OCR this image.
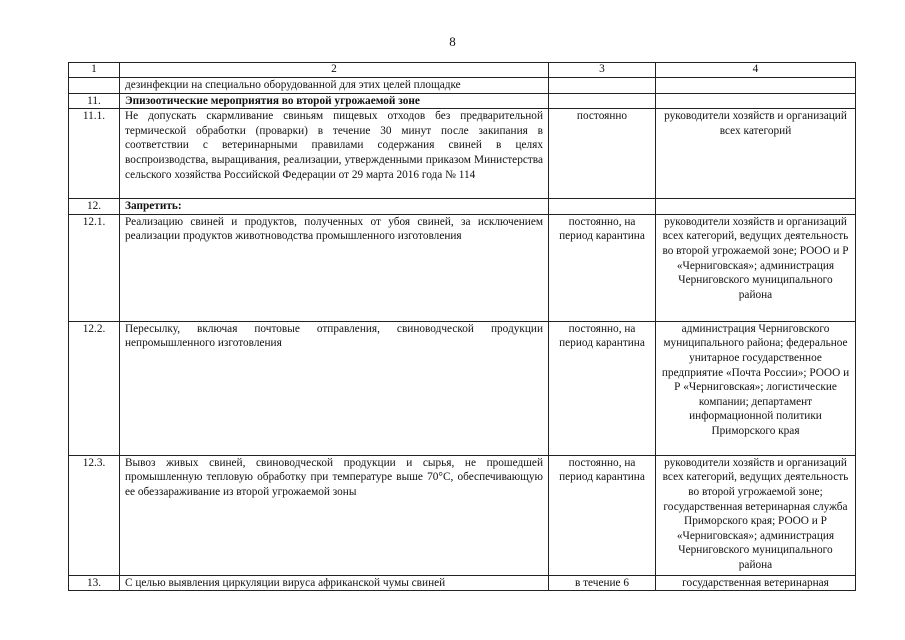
8
1	2	3	4
	дезинфекции на специально оборудованной для этих целей площадке		
11.	Эпизоотические мероприятия во второй угрожаемой зоне		
11.1.	Не допускать скармливание свиньям пищевых отходов без предварительной термической обработки (проварки) в течение 30 минут после закипания в соответствии с ветеринарными правилами содержания свиней в целях воспроизводства, выращивания, реализации, утвержденными приказом Министерства сельского хозяйства Российской Федерации от 29 марта 2016 года № 114	постоянно	руководители хозяйств и организаций всех категорий
12.	Запретить:		
12.1.	Реализацию свиней и продуктов, полученных от убоя свиней, за исключением реализации продуктов животноводства промышленного изготовления	постоянно, на период карантина	руководители хозяйств и организаций всех категорий, ведущих деятельность во второй угрожаемой зоне; РООО и Р «Черниговская»; администрация Черниговского муниципального района
12.2.	Пересылку, включая почтовые отправления, свиноводческой продукции непромышленного изготовления	постоянно, на период карантина	администрация Черниговского муниципального района; федеральное унитарное государственное предприятие «Почта России»; РООО и Р «Черниговская»; логистические компании; департамент информационной политики Приморского края
12.3.	Вывоз живых свиней, свиноводческой продукции и сырья, не прошедшей промышленную тепловую обработку при температуре выше 70°С, обеспечивающую ее обеззараживание из второй угрожаемой зоны	постоянно, на период карантина	руководители хозяйств и организаций всех категорий, ведущих деятельность во второй угрожаемой зоне; государственная ветеринарная служба Приморского края; РООО и Р «Черниговская»; администрация Черниговского муниципального района
13.	С целью выявления циркуляции вируса африканской чумы свиней	в течение 6	государственная ветеринарная
